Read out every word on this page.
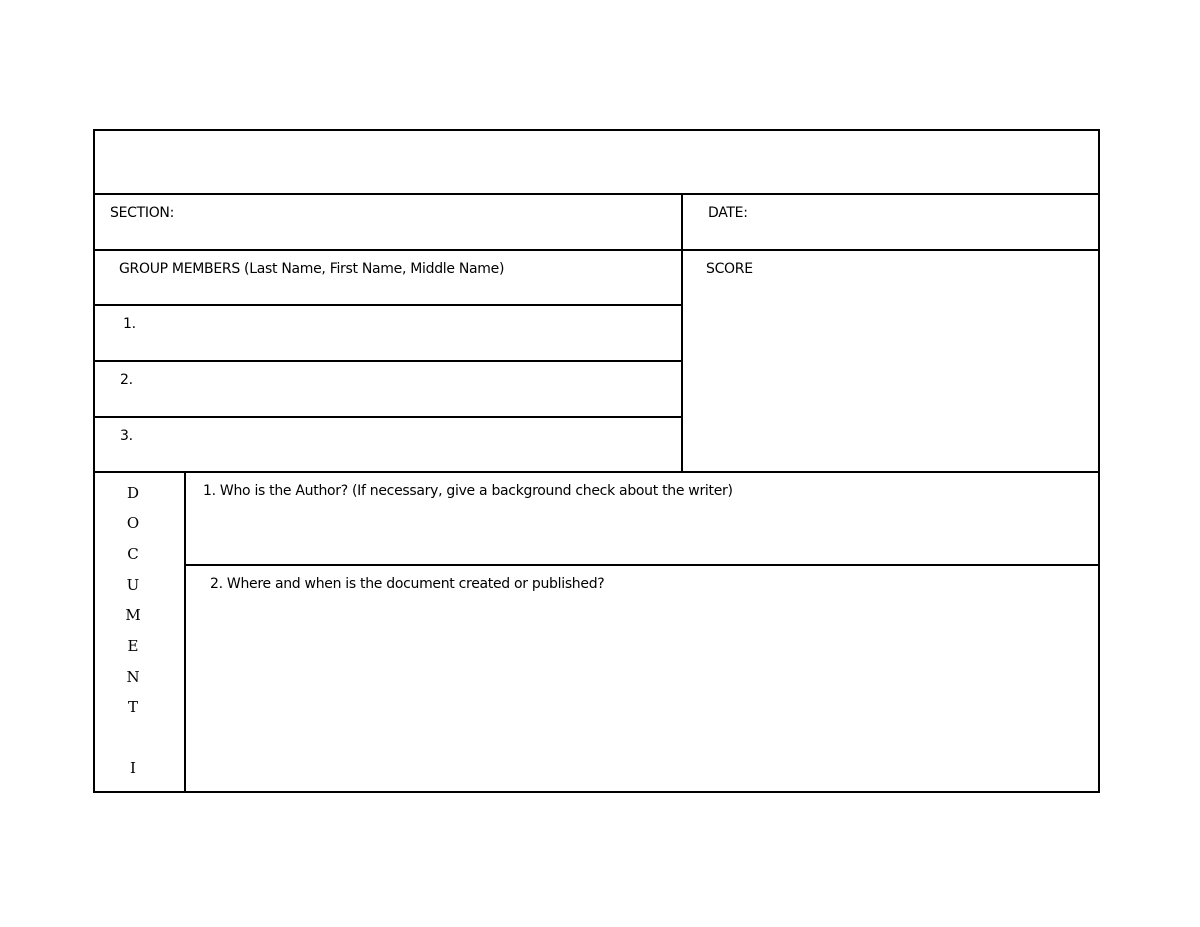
SECTION:	DATE:
GROUP MEMBERS (Last Name, First Name, Middle Name)	SCORE
1.
2.
3.
D
O
C
U
M
E
N
T
I
1. Who is the Author? (If necessary, give a background check about the writer)
2. Where and when is the document created or published?
